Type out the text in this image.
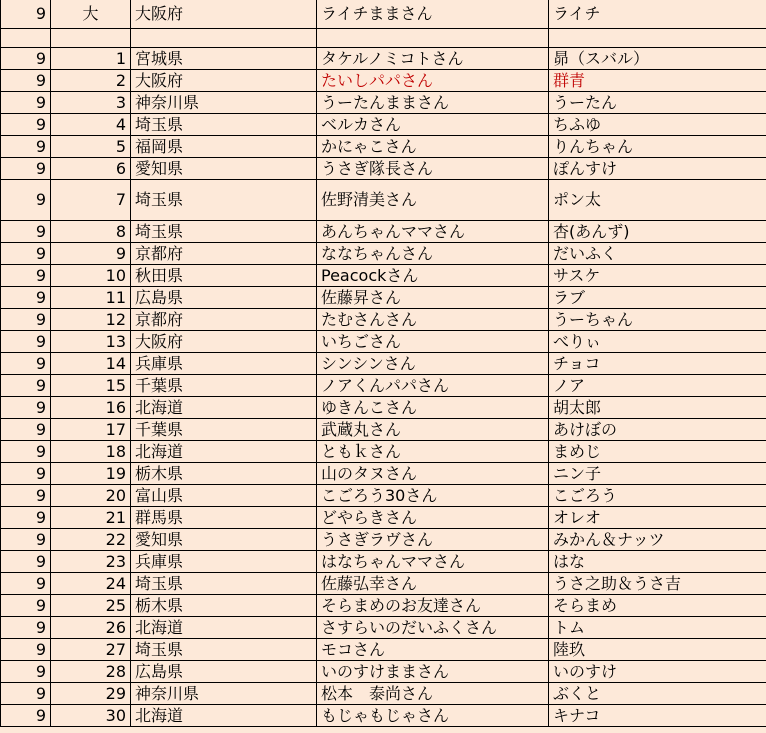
9	大	大阪府	ライチままさん	ライチ

9	1	宮城県	タケルノミコトさん	昴（スバル）
9	2	大阪府	たいしパパさん	群青
9	3	神奈川県	うーたんままさん	うーたん
9	4	埼玉県	ベルカさん	ちふゆ
9	5	福岡県	かにゃこさん	りんちゃん
9	6	愛知県	うさぎ隊長さん	ぽんすけ
9	7	埼玉県	佐野清美さん	ポン太
9	8	埼玉県	あんちゃんママさん	杏(あんず)
9	9	京都府	ななちゃんさん	だいふく
9	10	秋田県	Peacockさん	サスケ
9	11	広島県	佐藤昇さん	ラブ
9	12	京都府	たむさんさん	うーちゃん
9	13	大阪府	いちごさん	べりぃ
9	14	兵庫県	シンシンさん	チョコ
9	15	千葉県	ノアくんパパさん	ノア
9	16	北海道	ゆきんこさん	胡太郎
9	17	千葉県	武蔵丸さん	あけぼの
9	18	北海道	ともｋさん	まめじ
9	19	栃木県	山のタヌさん	ニン子
9	20	富山県	こごろう30さん	こごろう
9	21	群馬県	どやらきさん	オレオ
9	22	愛知県	うさぎラヴさん	みかん＆ナッツ
9	23	兵庫県	はなちゃんママさん	はな
9	24	埼玉県	佐藤弘幸さん	うさ之助＆うさ吉
9	25	栃木県	そらまめのお友達さん	そらまめ
9	26	北海道	さすらいのだいふくさん	トム
9	27	埼玉県	モコさん	陸玖
9	28	広島県	いのすけままさん	いのすけ
9	29	神奈川県	松本　泰尚さん	ぶくと
9	30	北海道	もじゃもじゃさん	キナコ
